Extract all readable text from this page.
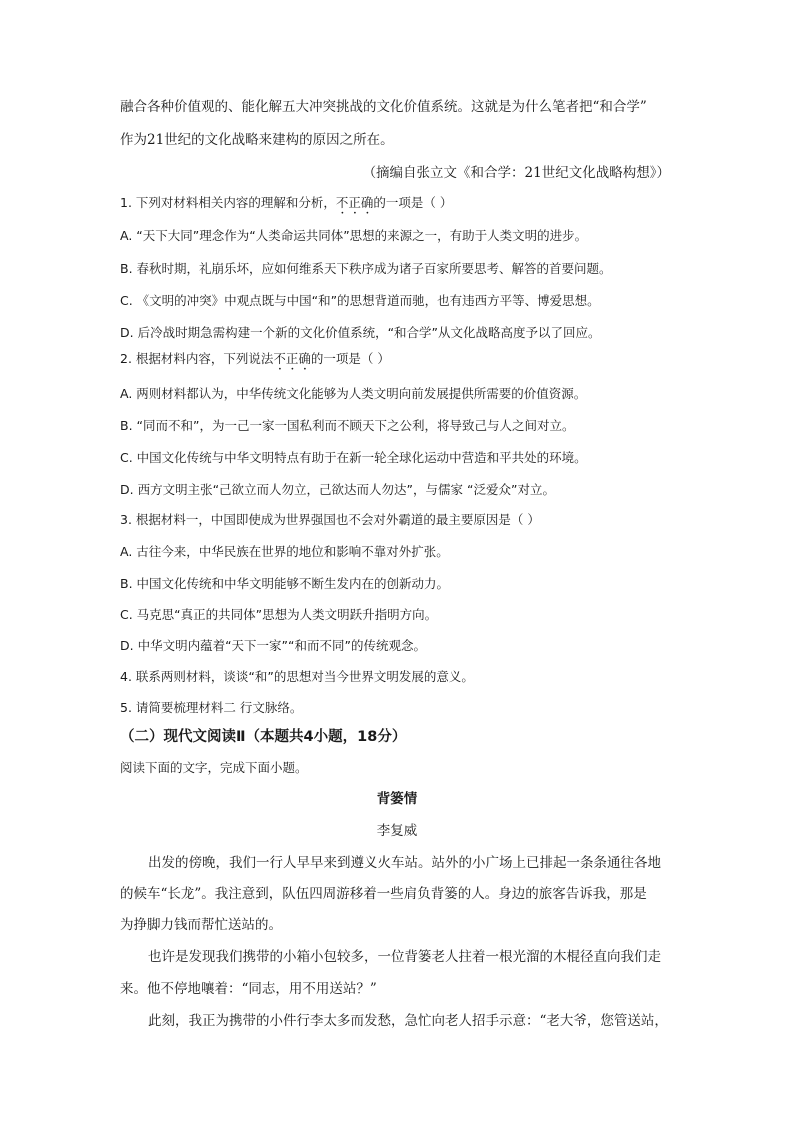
融合各种价值观的、能化解五大冲突挑战的文化价值系统。这就是为什么笔者把“和合学”
作为21世纪的文化战略来建构的原因之所在。
（摘编自张立文《和合学：21世纪文化战略构想》）
1. 下列对材料相关内容的理解和分析，不正确的一项是（ ）
A. “天下大同”理念作为“人类命运共同体”思想的来源之一，有助于人类文明的进步。
B. 春秋时期，礼崩乐坏，应如何维系天下秩序成为诸子百家所要思考、解答的首要问题。
C. 《文明的冲突》中观点既与中国“和”的思想背道而驰，也有违西方平等、博爱思想。
D. 后冷战时期急需构建一个新的文化价值系统，“和合学”从文化战略高度予以了回应。
2. 根据材料内容，下列说法不正确的一项是（ ）
A. 两则材料都认为，中华传统文化能够为人类文明向前发展提供所需要的价值资源。
B. “同而不和”，为一己一家一国私利而不顾天下之公利，将导致己与人之间对立。
C. 中国文化传统与中华文明特点有助于在新一轮全球化运动中营造和平共处的环境。
D. 西方文明主张“己欲立而人勿立，己欲达而人勿达”，与儒家 “泛爱众”对立。
3. 根据材料一，中国即使成为世界强国也不会对外霸道的最主要原因是（ ）
A. 古往今来，中华民族在世界的地位和影响不靠对外扩张。
B. 中国文化传统和中华文明能够不断生发内在的创新动力。
C. 马克思“真正的共同体”思想为人类文明跃升指明方向。
D. 中华文明内蕴着“天下一家”“和而不同”的传统观念。
4. 联系两则材料，谈谈“和”的思想对当今世界文明发展的意义。
5. 请简要梳理材料二 行文脉络。
（二）现代文阅读Ⅱ（本题共4小题，18分）
阅读下面的文字，完成下面小题。
背篓情
李复威
出发的傍晚，我们一行人早早来到遵义火车站。站外的小广场上已排起一条条通往各地
的候车“长龙”。我注意到，队伍四周游移着一些肩负背篓的人。身边的旅客告诉我，那是
为挣脚力钱而帮忙送站的。
也许是发现我们携带的小箱小包较多，一位背篓老人拄着一根光溜的木棍径直向我们走
来。他不停地嚷着：“同志，用不用送站？”
此刻，我正为携带的小件行李太多而发愁，急忙向老人招手示意：“老大爷，您管送站，
